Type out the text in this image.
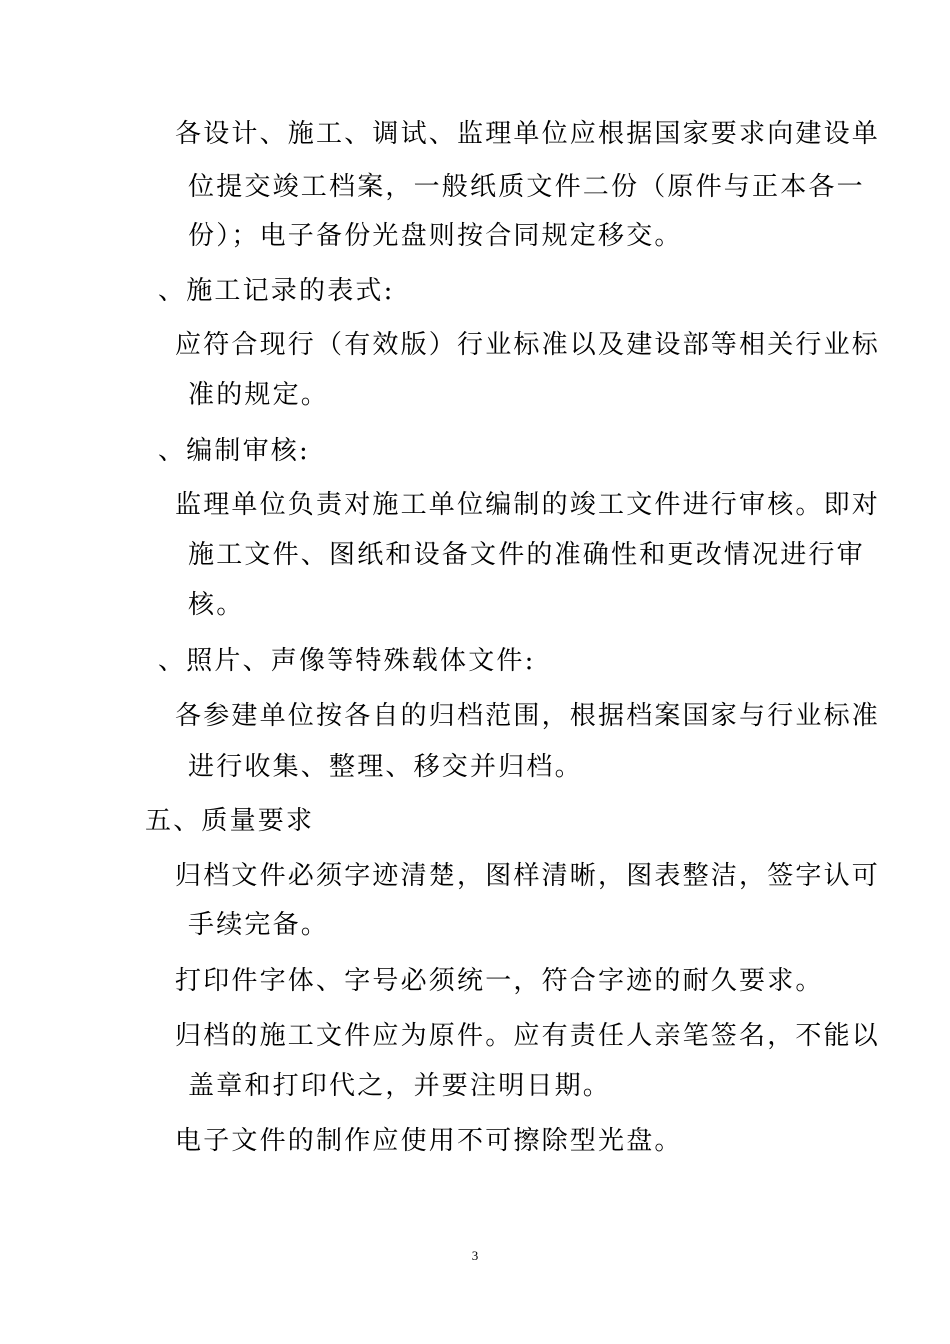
各设计、施工、调试、监理单位应根据国家要求向建设单
位提交竣工档案，一般纸质文件二份（原件与正本各一
份）；电子备份光盘则按合同规定移交。
、施工记录的表式:
应符合现行（有效版）行业标准以及建设部等相关行业标
准的规定。
、编制审核:
监理单位负责对施工单位编制的竣工文件进行审核。即对
施工文件、图纸和设备文件的准确性和更改情况进行审
核。
、照片、声像等特殊载体文件:
各参建单位按各自的归档范围，根据档案国家与行业标准
进行收集、整理、移交并归档。
五、质量要求
归档文件必须字迹清楚，图样清晰，图表整洁，签字认可
手续完备。
打印件字体、字号必须统一，符合字迹的耐久要求。
归档的施工文件应为原件。应有责任人亲笔签名，不能以
盖章和打印代之，并要注明日期。
电子文件的制作应使用不可擦除型光盘。
3
